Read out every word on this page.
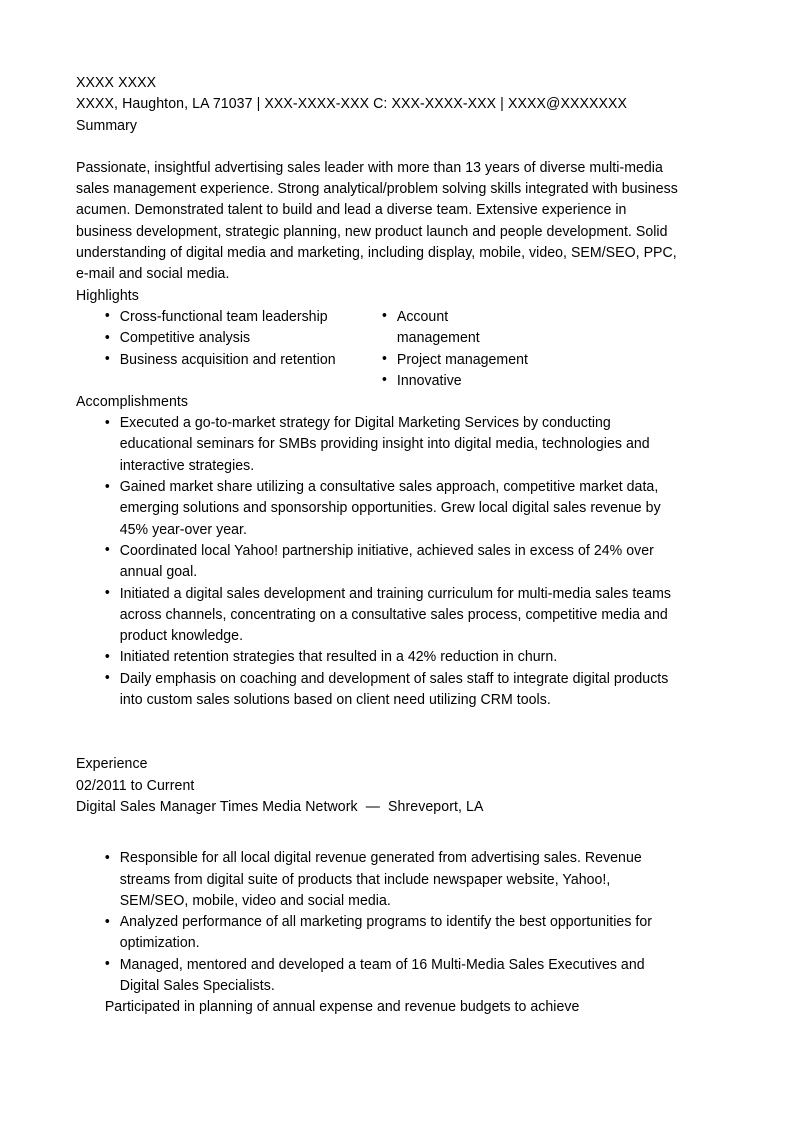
XXXX XXXX
XXXX, Haughton, LA 71037 | XXX-XXXX-XXX C: XXX-XXXX-XXX | XXXX@XXXXXXX
Summary

Passionate, insightful advertising sales leader with more than 13 years of diverse multi-media sales management experience. Strong analytical/problem solving skills integrated with business acumen. Demonstrated talent to build and lead a diverse team. Extensive experience in business development, strategic planning, new product launch and people development. Solid understanding of digital media and marketing, including display, mobile, video, SEM/SEO, PPC, e-mail and social media.

Highlights
• Cross-functional team leadership
• Competitive analysis
• Business acquisition and retention
• Account management
• Project management
• Innovative
Accomplishments
• Executed a go-to-market strategy for Digital Marketing Services by conducting educational seminars for SMBs providing insight into digital media, technologies and interactive strategies.
• Gained market share utilizing a consultative sales approach, competitive market data, emerging solutions and sponsorship opportunities. Grew local digital sales revenue by 45% year-over year.
• Coordinated local Yahoo! partnership initiative, achieved sales in excess of 24% over annual goal.
• Initiated a digital sales development and training curriculum for multi-media sales teams across channels, concentrating on a consultative sales process, competitive media and product knowledge.
• Initiated retention strategies that resulted in a 42% reduction in churn.
• Daily emphasis on coaching and development of sales staff to integrate digital products into custom sales solutions based on client need utilizing CRM tools.
Experience
02/2011 to Current
Digital Sales Manager Times Media Network  —  Shreveport, LA
• Responsible for all local digital revenue generated from advertising sales. Revenue streams from digital suite of products that include newspaper website, Yahoo!, SEM/SEO, mobile, video and social media.
• Analyzed performance of all marketing programs to identify the best opportunities for optimization.
• Managed, mentored and developed a team of 16 Multi-Media Sales Executives and Digital Sales Specialists.
Participated in planning of annual expense and revenue budgets to achieve
